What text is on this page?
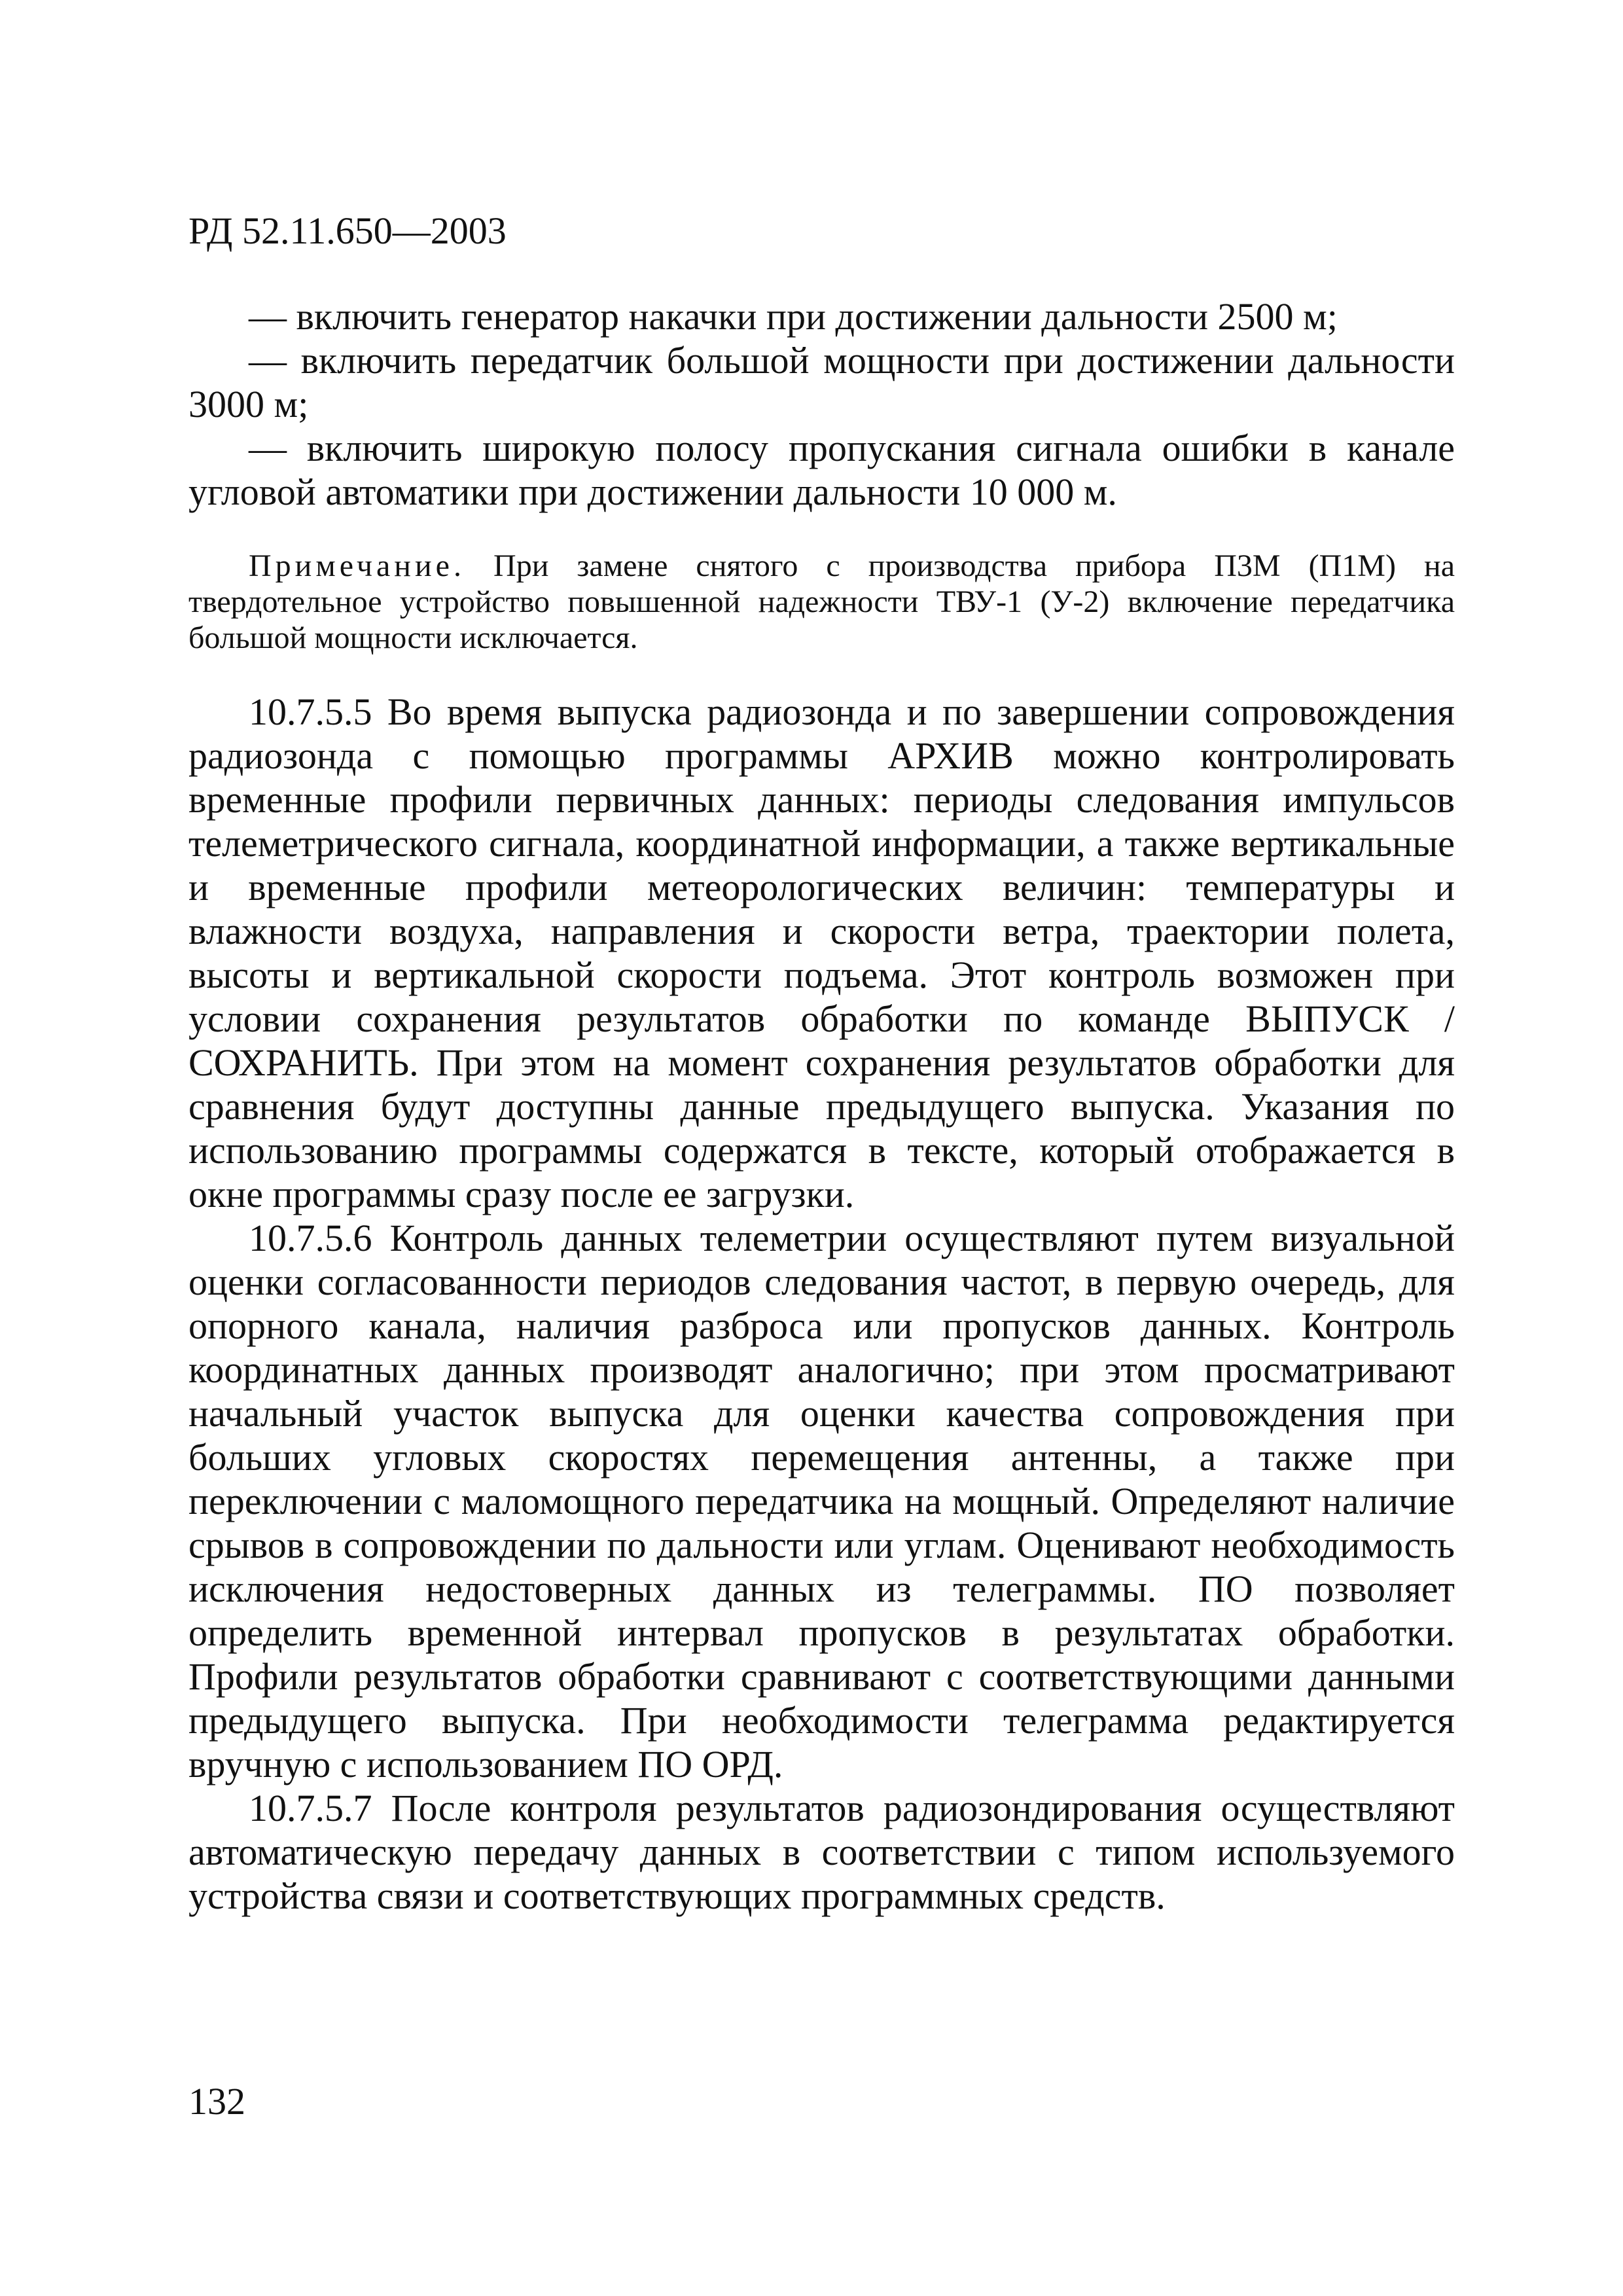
РД 52.11.650—2003

— включить генератор накачки при достижении дальности 2500 м;

— включить передатчик большой мощности при достижении дальности 3000 м;

— включить широкую полосу пропускания сигнала ошибки в канале угловой автоматики при достижении дальности 10 000 м.

Примечание. При замене снятого с производства прибора П3М (П1М) на твердотельное устройство повышенной надежности ТВУ-1 (У-2) включение передатчика большой мощности исключается.

10.7.5.5 Во время выпуска радиозонда и по завершении сопровождения радиозонда с помощью программы АРХИВ можно контролировать временные профили первичных данных: периоды следования импульсов телеметрического сигнала, координатной информации, а также вертикальные и временные профили метеорологических величин: температуры и влажности воздуха, направления и скорости ветра, траектории полета, высоты и вертикальной скорости подъема. Этот контроль возможен при условии сохранения результатов обработки по команде ВЫПУСК / СОХРАНИТЬ. При этом на момент сохранения результатов обработки для сравнения будут доступны данные предыдущего выпуска. Указания по использованию программы содержатся в тексте, который отображается в окне программы сразу после ее загрузки.

10.7.5.6 Контроль данных телеметрии осуществляют путем визуальной оценки согласованности периодов следования частот, в первую очередь, для опорного канала, наличия разброса или пропусков данных. Контроль координатных данных производят аналогично; при этом просматривают начальный участок выпуска для оценки качества сопровождения при больших угловых скоростях перемещения антенны, а также при переключении с маломощного передатчика на мощный. Определяют наличие срывов в сопровождении по дальности или углам. Оценивают необходимость исключения недостоверных данных из телеграммы. ПО позволяет определить временной интервал пропусков в результатах обработки. Профили результатов обработки сравнивают с соответствующими данными предыдущего выпуска. При необходимости телеграмма редактируется вручную с использованием ПО ОРД.

10.7.5.7 После контроля результатов радиозондирования осуществляют автоматическую передачу данных в соответствии с типом используемого устройства связи и соответствующих программных средств.

132
